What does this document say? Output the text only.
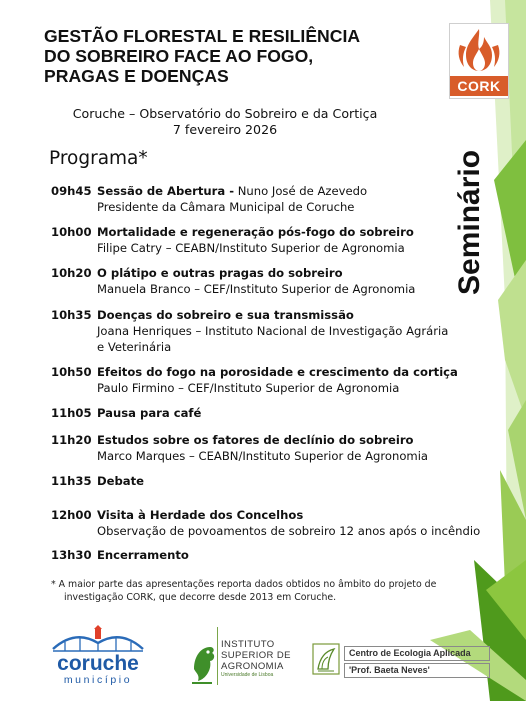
GESTÃO FLORESTAL E RESILIÊNCIA
DO SOBREIRO FACE AO FOGO,
PRAGAS E DOENÇAS	CORK
Coruche – Observatório do Sobreiro e da Cortiça
7 fevereiro 2026
Programa*	Seminário
09h45 Sessão de Abertura - Nuno José de Azevedo
Presidente da Câmara Municipal de Coruche
10h00 Mortalidade e regeneração pós-fogo do sobreiro
Filipe Catry – CEABN/Instituto Superior de Agronomia
10h20 O plátipo e outras pragas do sobreiro
Manuela Branco – CEF/Instituto Superior de Agronomia
10h35 Doenças do sobreiro e sua transmissão
Joana Henriques – Instituto Nacional de Investigação Agrária
e Veterinária
10h50 Efeitos do fogo na porosidade e crescimento da cortiça
Paulo Firmino – CEF/Instituto Superior de Agronomia
11h05 Pausa para café
11h20 Estudos sobre os fatores de declínio do sobreiro
Marco Marques – CEABN/Instituto Superior de Agronomia
11h35 Debate
12h00 Visita à Herdade dos Concelhos
Observação de povoamentos de sobreiro 12 anos após o incêndio
13h30 Encerramento
* A maior parte das apresentações reporta dados obtidos no âmbito do projeto de
investigação CORK, que decorre desde 2013 em Coruche.
coruche
município
INSTITUTO
SUPERIOR DE
AGRONOMIA
Universidade de Lisboa
Centro de Ecologia Aplicada
'Prof. Baeta Neves'
